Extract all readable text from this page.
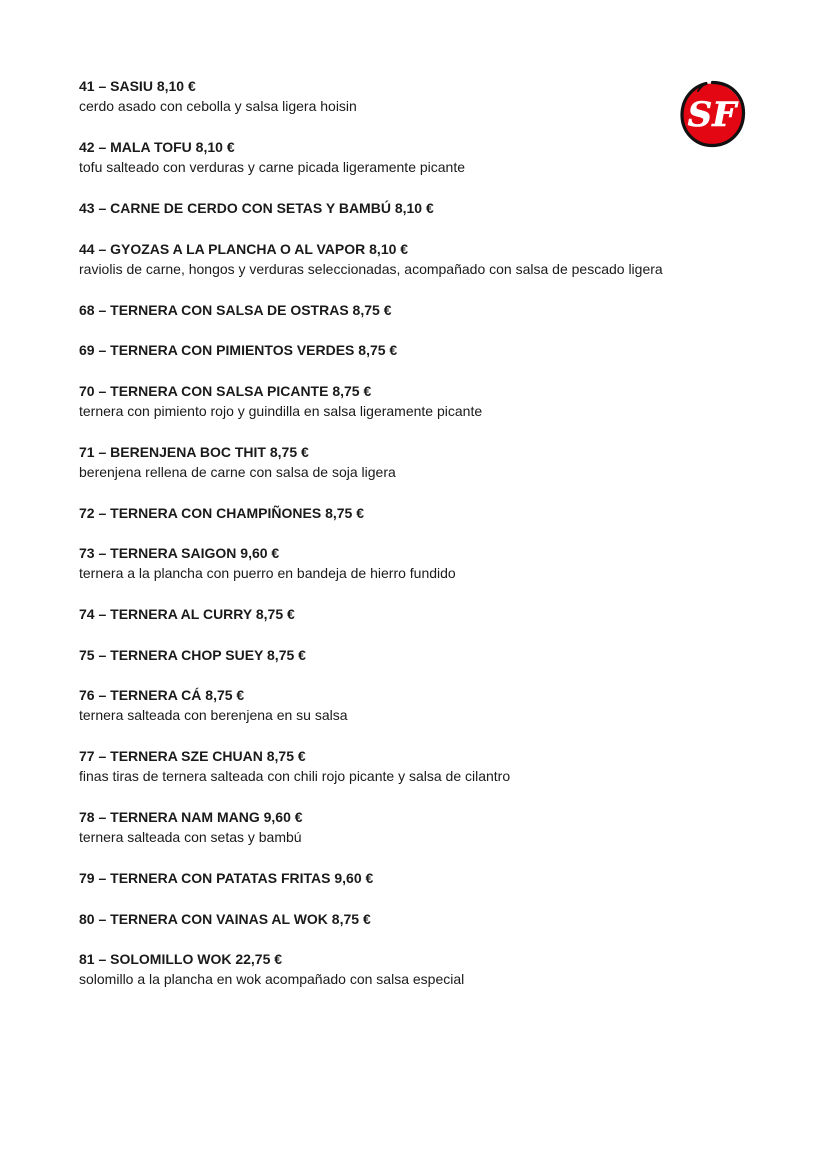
SF
41 – SASIU 8,10 €
cerdo asado con cebolla y salsa ligera hoisin
42 – MALA TOFU 8,10 €
tofu salteado con verduras y carne picada ligeramente picante
43 – CARNE DE CERDO CON SETAS Y BAMBÚ 8,10 €
44 – GYOZAS A LA PLANCHA O AL VAPOR 8,10 €
raviolis de carne, hongos y verduras seleccionadas, acompañado con salsa de pescado ligera
68 – TERNERA CON SALSA DE OSTRAS 8,75 €
69 – TERNERA CON PIMIENTOS VERDES 8,75 €
70 – TERNERA CON SALSA PICANTE 8,75 €
ternera con pimiento rojo y guindilla en salsa ligeramente picante
71 – BERENJENA BOC THIT 8,75 €
berenjena rellena de carne con salsa de soja ligera
72 – TERNERA CON CHAMPIÑONES 8,75 €
73 – TERNERA SAIGON 9,60 €
ternera a la plancha con puerro en bandeja de hierro fundido
74 – TERNERA AL CURRY 8,75 €
75 – TERNERA CHOP SUEY 8,75 €
76 – TERNERA CÁ 8,75 €
ternera salteada con berenjena en su salsa
77 – TERNERA SZE CHUAN 8,75 €
finas tiras de ternera salteada con chili rojo picante y salsa de cilantro
78 – TERNERA NAM MANG 9,60 €
ternera salteada con setas y bambú
79 – TERNERA CON PATATAS FRITAS 9,60 €
80 – TERNERA CON VAINAS AL WOK 8,75 €
81 – SOLOMILLO WOK 22,75 €
solomillo a la plancha en wok acompañado con salsa especial
